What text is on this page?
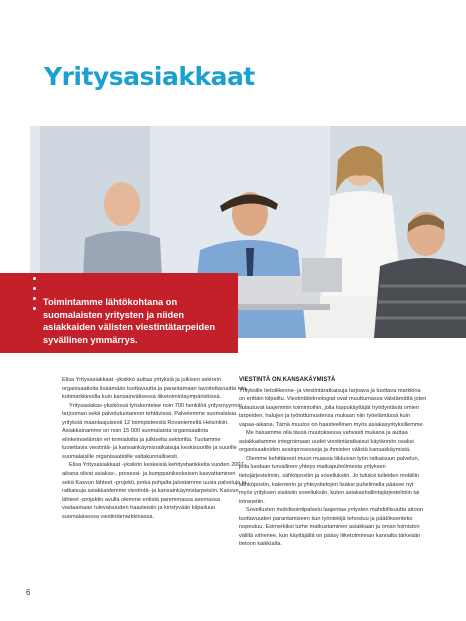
Yritysasiakkaat
Toimintamme lähtökohtana on suomalaisten yritysten ja niiden asiakkaiden välisten viestintätarpeiden syvällinen ymmärrys.

Elisa Yritysasiakkaat -yksikkö auttaa yrityksiä ja julkisen sektorin organisaatioita lisäämään tuottavuutta ja parantamaan tavoitettavuutta niin kotimarkkinoilla kuin kansainvälisessä liiketoimintaympäristössä.

Yritysasiakas-yksikössä työskentelee noin 700 henkilöä yritysmyynnin, tarjooman sekä palvelutuotannon tehtävissä. Palvelemme suomalaisia yrityksiä maanlaajuisesti 12 toimipisteestä Rovaniemeltä Helsinkiin. Asiakkainamme on noin 15 000 suomalaista organisaatiota elinkeinoelämän eri toimialoilta ja julkiselta sektorilta. Tuotamme luotettavia viestintä- ja kansainkäymisratkaisuja keskisuurille ja suurille suomalaisille organisaatioille valtakunnallisesti.

Elisa Yritysasiakkaat -yksikön keskeisiä kehityshankkeita vuoden 2007 aikana olivat asiakas-, prosessi- ja kumppanikeskeisen kasvattaminen sekä Kasvun lähteet -projekti, jonka pohjalta jalostamme uusia palveluja ja ratkaisuja asiakkaidemme viestintä- ja kansainkäymistarpeisiin. Kasvun lähteet -projektin avulla olemme entistä paremmassa asemassa vastaamaan tulevaisuuden haasteisiin ja kiristyvään kilpailuun suomalaisessa viestintämarkkinassa.

VIESTINTÄ ON KANSAKÄYMISTÄ

Yrityksille tietoliikenne- ja viestintäratkaisuja tarjoava ja tuottava markkina on erittäin kilpailtu. Viestintäteknologiat ovat muuttumassa väistämättä joten sulautuvat laajemmin toimintoihin, jolla loppukäyttäjät hyödyntävät omien tarpeiden, halujen ja työtottumustensa mukaan niin työelämässä kuin vapaa-aikana. Tämä muutos on haasteellinen myös asiakasyrityksillemme.

Me haluamme olla tässä muutoksessa vahvasti mukana ja auttaa asiakkaitamme integroimaan uudet viestintäratkaisut käytännön osaksi organisaatioiden avainprosesseja ja ihmisten välistä kansaskäymistä.

Olemme kehittäneet muun muassa liikkuvan työn ratkaisuun palvelun, jolla luodaan turvallinen yhteys matkapuhelimesta yrityksen tietojärjestelmiin, sähköpostiin ja sovelluksiin. Jo tutuksi tulleiden mobiilin sähköpostin, kalenterin ja yhteystietojen lisäksi puhelimella pääsee nyt myös yrityksen sisäisiin sovelluksiin, kuten asiakashallintajärjestelmiin tai intranetiin.

Sovellusten mobilisointipalvelu laajentaa yritysten mahdollisuutta aitoon tuottavuuden parantamiseen kun työntekijä tehostuu ja päätöksenteko nopeutuu. Esimerkiksi turhe matkustaminen asiakkaan ja oman toimiston välillä vähenee, kun käyttäjällä on pääsy liiketoiminnan kannalta tärkeään tietoon kaikkialta.

6
